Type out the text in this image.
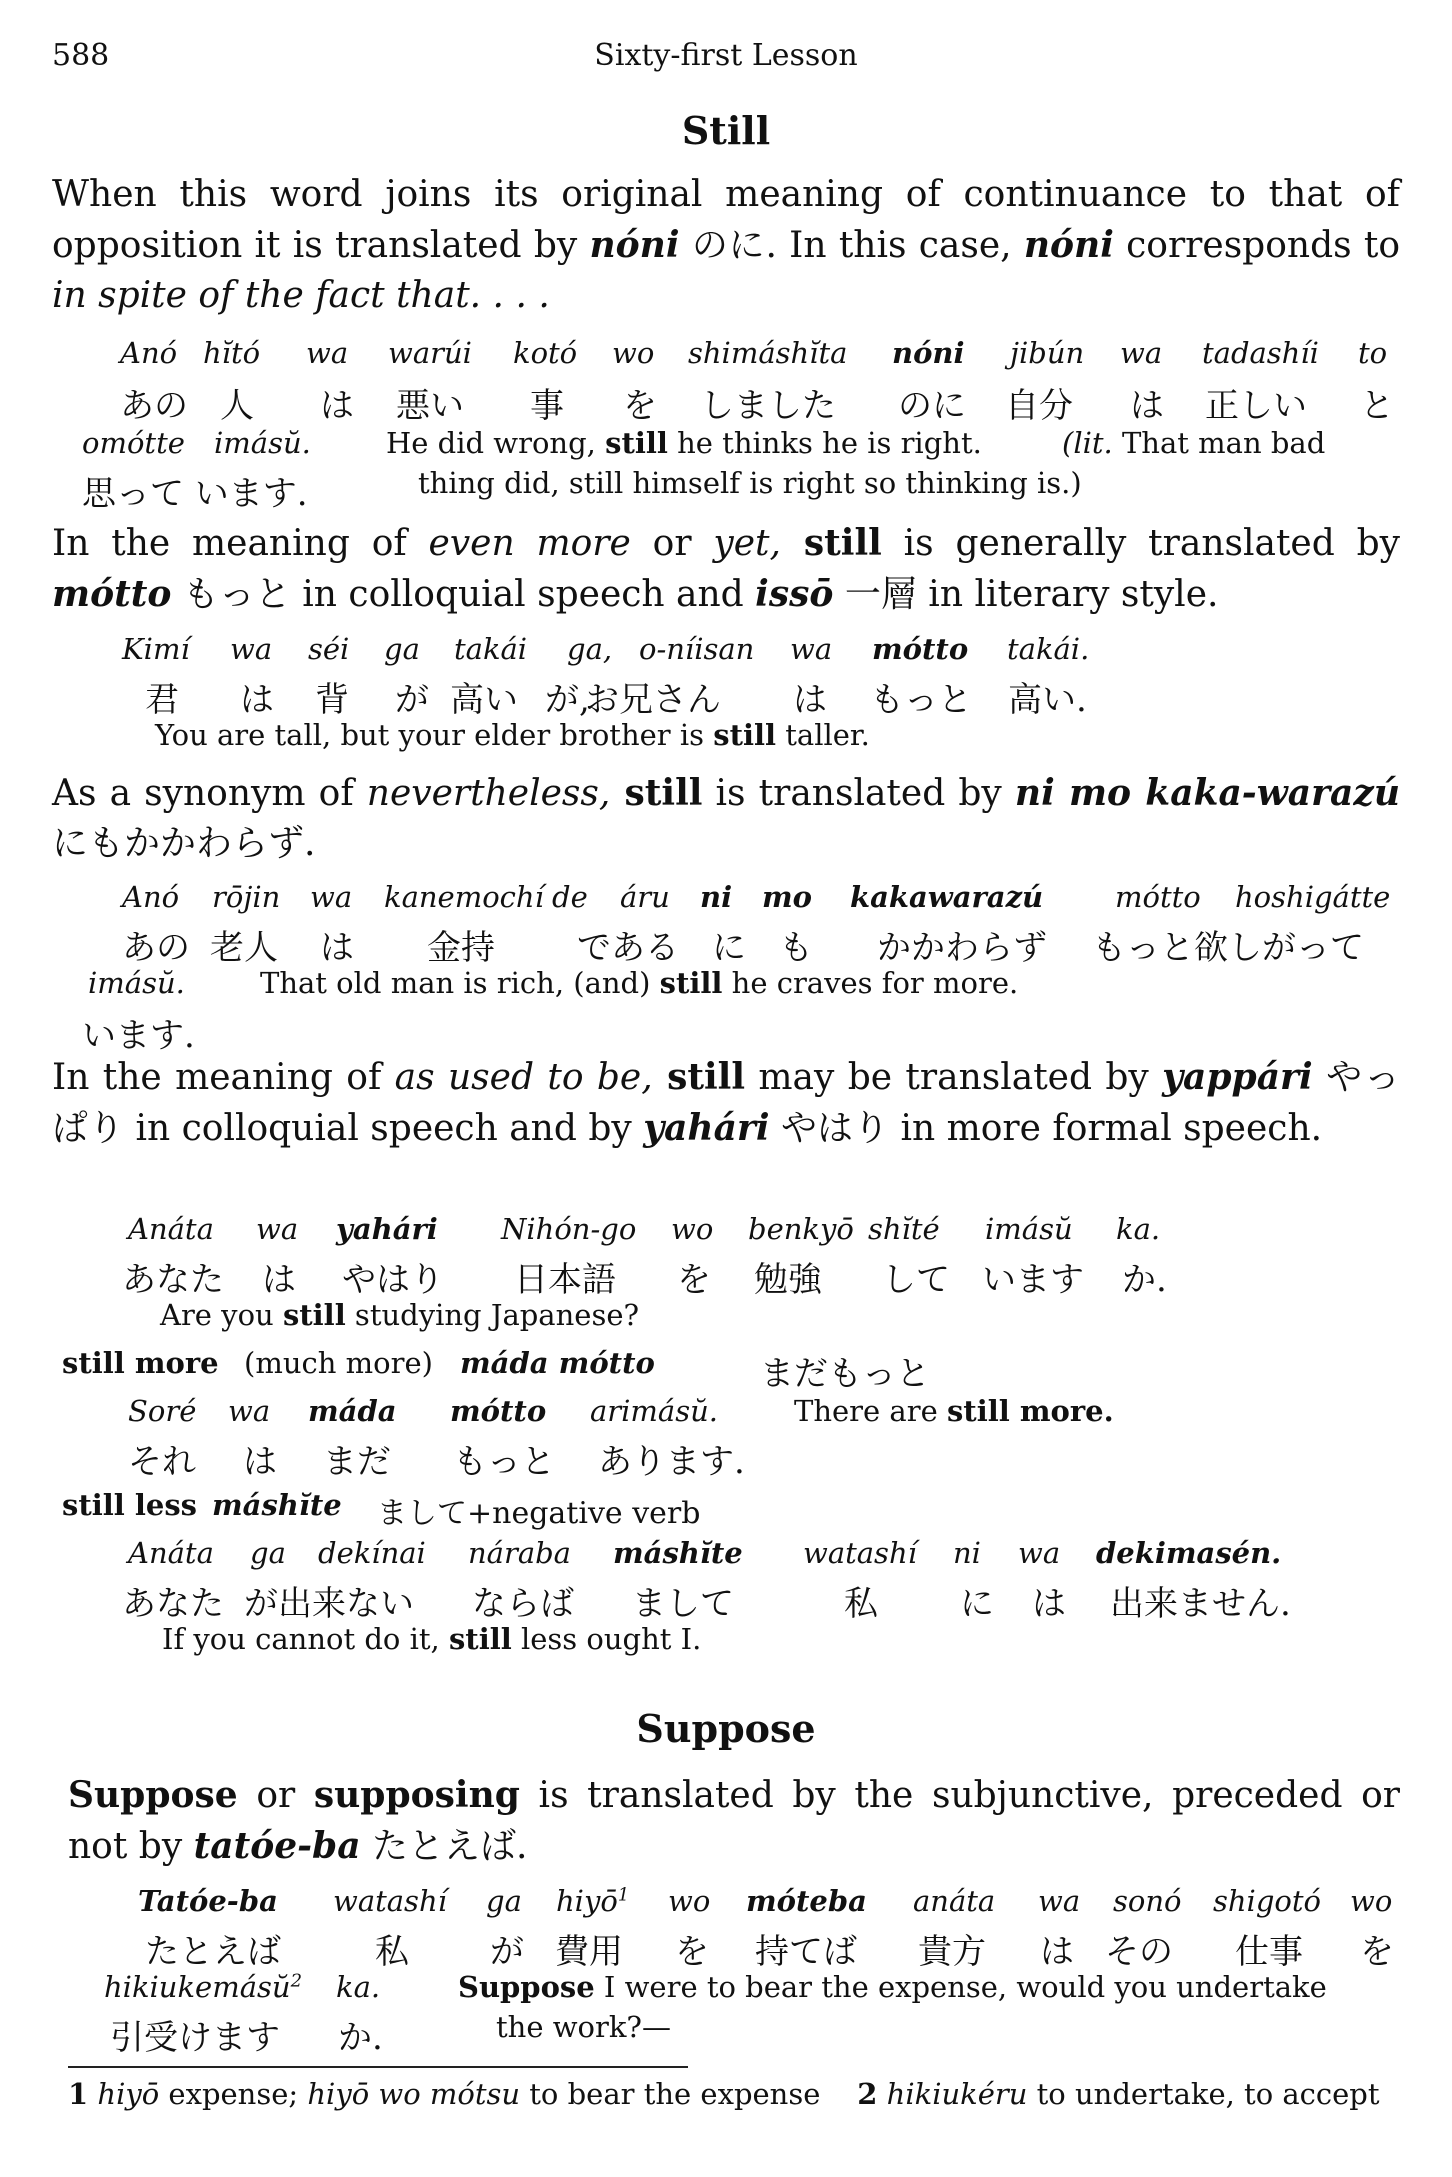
588	Sixty-first Lesson
Still
When this word joins its original meaning of continuance to that of opposition it is translated by nóni のに. In this case, nóni corresponds to in spite of the fact that. . . .
Anó hĭtó wa warúi kotó wo shimáshĭta nóni jibún wa tadashíi to
あの 人 は 悪い 事 を しました のに 自分 は 正しい と
omótte imásŭ.	He did wrong, still he thinks he is right.	(lit. That man bad
思って います.	thing did, still himself is right so thinking is.)
In the meaning of even more or yet, still is generally translated by mótto もっと in colloquial speech and issō 一層 in literary style.
Kimí wa séi ga takái ga, o-níisan wa mótto takái.
君 は 背 が 高い が,
お兄さん は もっと 高い.
You are tall, but your elder brother is still taller.
As a synonym of nevertheless, still is translated by ni mo kaka-warazú にもかかわらず.
Anó rōjin wa kanemochí de áru ni mo kakawarazú mótto hoshigátte
あの 老人 は 金持 である に も かかわらず もっと欲しがって
imásŭ.	That old man is rich, (and) still he craves for more.
います.
In the meaning of as used to be, still may be translated by yappári やっぱり in colloquial speech and by yahári やはり in more formal speech.
Anáta wa yahári Nihón-go wo benkyō shĭté imásŭ ka.
あなた は やはり 日本語 を 勉強 して います か.
Are you still studying Japanese?
still more (much more) máda mótto	まだもっと
Soré wa máda mótto arimásŭ.	There are still more.
それ は まだ もっと あります.
still less máshĭte まして+negative verb
Anáta ga dekínai náraba máshĭte watashí ni wa dekimasén.
あなた が出来ない ならば まして	私 に は 出来ません.
If you cannot do it, still less ought I.
Suppose
Suppose or supposing is translated by the subjunctive, preceded or not by tatóe-ba たとえば.
Tatóe-ba watashí ga hiyō$^1$ wo móteba anáta wa sonó shigotó wo
たとえば	私 が 費用 を 持てば 貴方 は その 仕事 を
hikiukemásŭ$^2$ ka.	Suppose I were to bear the expense, would you undertake
引受けます か.	the work?—
1 hiyō expense; hiyō wo mótsu to bear the expense 2 hikiukéru to undertake, to accept
